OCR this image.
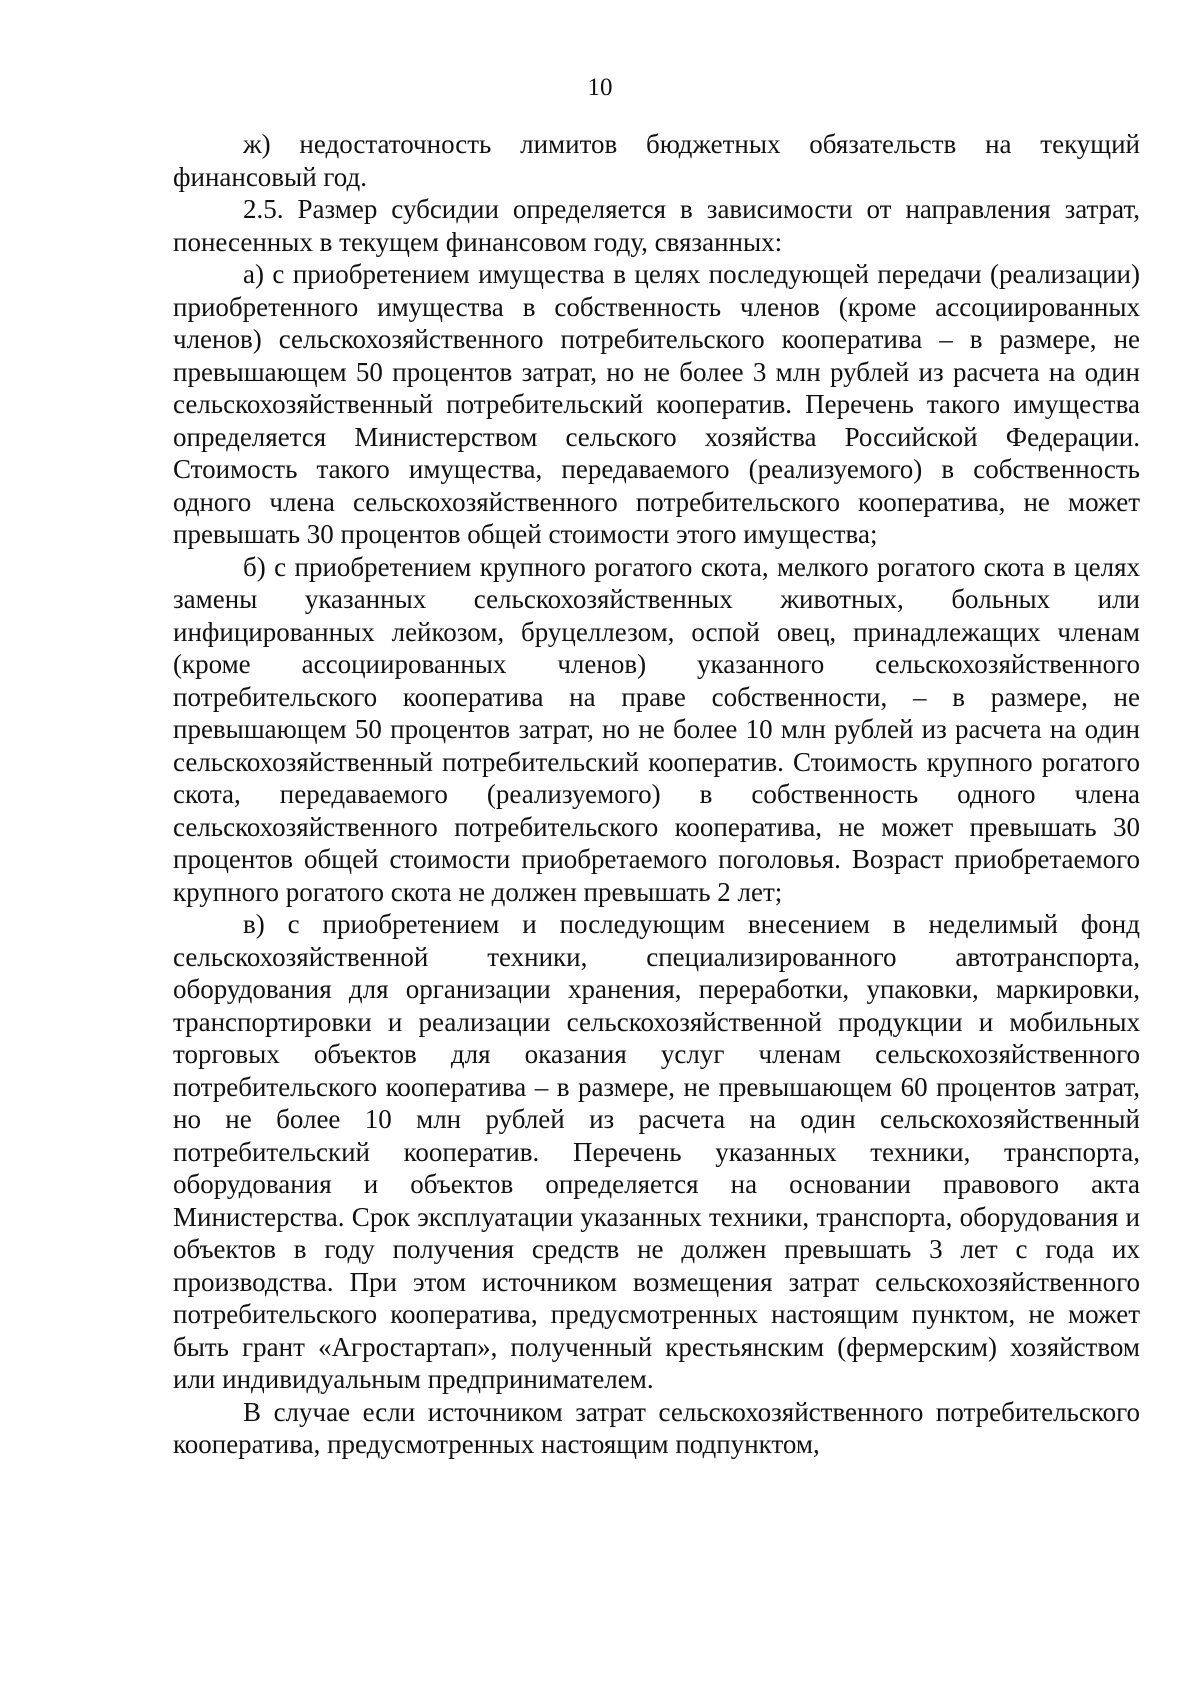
10

ж) недостаточность лимитов бюджетных обязательств на текущий финансовый год.

2.5. Размер субсидии определяется в зависимости от направления затрат, понесенных в текущем финансовом году, связанных:

а) с приобретением имущества в целях последующей передачи (реализации) приобретенного имущества в собственность членов (кроме ассоциированных членов) сельскохозяйственного потребительского кооператива – в размере, не превышающем 50 процентов затрат, но не более 3 млн рублей из расчета на один сельскохозяйственный потребительский кооператив. Перечень такого имущества определяется Министерством сельского хозяйства Российской Федерации. Стоимость такого имущества, передаваемого (реализуемого) в собственность одного члена сельскохозяйственного потребительского кооператива, не может превышать 30 процентов общей стоимости этого имущества;

б) с приобретением крупного рогатого скота, мелкого рогатого скота в целях замены указанных сельскохозяйственных животных, больных или инфицированных лейкозом, бруцеллезом, оспой овец, принадлежащих членам (кроме ассоциированных членов) указанного сельскохозяйственного потребительского кооператива на праве собственности, – в размере, не превышающем 50 процентов затрат, но не более 10 млн рублей из расчета на один сельскохозяйственный потребительский кооператив. Стоимость крупного рогатого скота, передаваемого (реализуемого) в собственность одного члена сельскохозяйственного потребительского кооператива, не может превышать 30 процентов общей стоимости приобретаемого поголовья. Возраст приобретаемого крупного рогатого скота не должен превышать 2 лет;

в) с приобретением и последующим внесением в неделимый фонд сельскохозяйственной техники, специализированного автотранспорта, оборудования для организации хранения, переработки, упаковки, маркировки, транспортировки и реализации сельскохозяйственной продукции и мобильных торговых объектов для оказания услуг членам сельскохозяйственного потребительского кооператива – в размере, не превышающем 60 процентов затрат, но не более 10 млн рублей из расчета на один сельскохозяйственный потребительский кооператив. Перечень указанных техники, транспорта, оборудования и объектов определяется на основании правового акта Министерства. Срок эксплуатации указанных техники, транспорта, оборудования и объектов в году получения средств не должен превышать 3 лет с года их производства. При этом источником возмещения затрат сельскохозяйственного потребительского кооператива, предусмотренных настоящим пунктом, не может быть грант «Агростартап», полученный крестьянским (фермерским) хозяйством или индивидуальным предпринимателем.

В случае если источником затрат сельскохозяйственного потребительского кооператива, предусмотренных настоящим подпунктом,
